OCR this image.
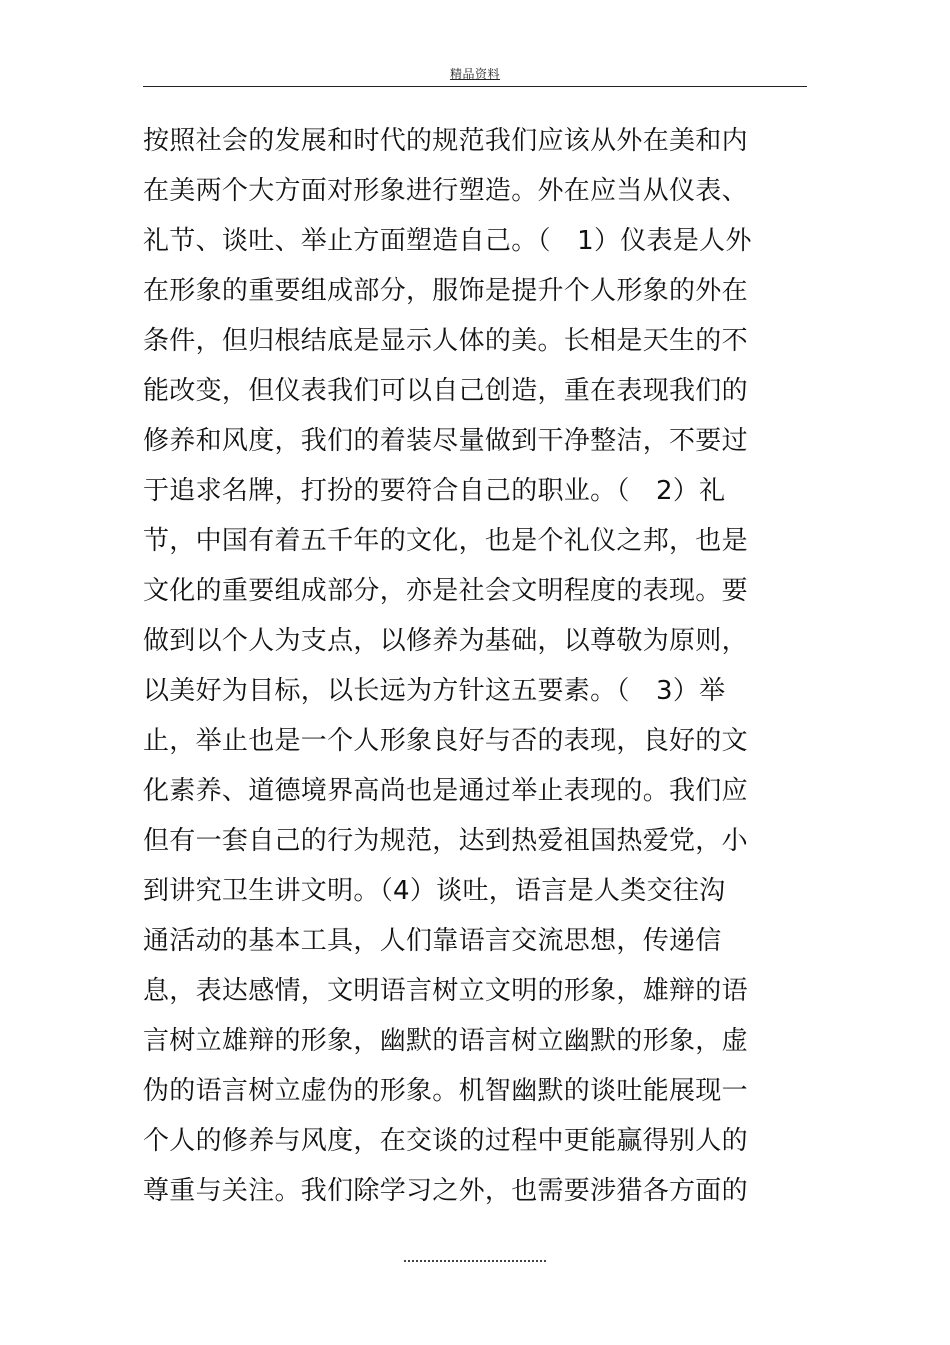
精品资料
按照社会的发展和时代的规范我们应该从外在美和内
在美两个大方面对形象进行塑造。外在应当从仪表、
礼节、谈吐、举止方面塑造自己。（　1）仪表是人外
在形象的重要组成部分，服饰是提升个人形象的外在
条件，但归根结底是显示人体的美。长相是天生的不
能改变，但仪表我们可以自己创造，重在表现我们的
修养和风度，我们的着装尽量做到干净整洁，不要过
于追求名牌，打扮的要符合自己的职业。（　2）礼
节，中国有着五千年的文化，也是个礼仪之邦，也是
文化的重要组成部分，亦是社会文明程度的表现。要
做到以个人为支点，以修养为基础，以尊敬为原则，
以美好为目标，以长远为方针这五要素。（　3）举
止，举止也是一个人形象良好与否的表现，良好的文
化素养、道德境界高尚也是通过举止表现的。我们应
但有一套自己的行为规范，达到热爱祖国热爱党，小
到讲究卫生讲文明。（4）谈吐，语言是人类交往沟
通活动的基本工具，人们靠语言交流思想，传递信
息，表达感情，文明语言树立文明的形象，雄辩的语
言树立雄辩的形象，幽默的语言树立幽默的形象，虚
伪的语言树立虚伪的形象。机智幽默的谈吐能展现一
个人的修养与风度，在交谈的过程中更能赢得别人的
尊重与关注。我们除学习之外，也需要涉猎各方面的
